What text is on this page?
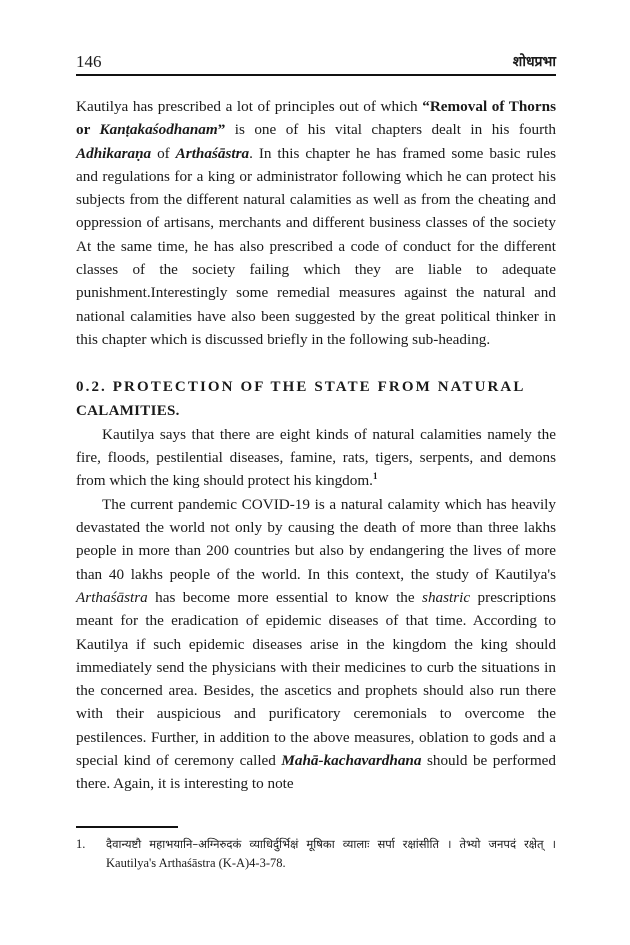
146	शोधप्रभा

Kautilya has prescribed a lot of principles out of which “Removal of Thorns or Kanṭakaśodhanam” is one of his vital chapters dealt in his fourth Adhikaraṇa of Arthaśāstra. In this chapter he has framed some basic rules and regulations for a king or administrator following which he can protect his subjects from the different natural calamities as well as from the cheating and oppression of artisans, merchants and different business classes of the society At the same time, he has also prescribed a code of conduct for the different classes of the society failing which they are liable to adequate punishment.Interestingly some remedial measures against the natural and national calamities have also been suggested by the great political thinker in this chapter which is discussed briefly in the following sub-heading.

0.2. PROTECTION OF THE STATE FROM NATURAL
CALAMITIES.

Kautilya says that there are eight kinds of natural calamities namely the fire, floods, pestilential diseases, famine, rats, tigers, serpents, and demons from which the king should protect his kingdom.$^1$

The current pandemic COVID-19 is a natural calamity which has heavily devastated the world not only by causing the death of more than three lakhs people in more than 200 countries but also by endangering the lives of more than 40 lakhs people of the world. In this context, the study of Kautilya's Arthaśāstra has become more essential to know the shastric prescriptions meant for the eradication of epidemic diseases of that time. According to Kautilya if such epidemic diseases arise in the kingdom the king should immediately send the physicians with their medicines to curb the situations in the concerned area. Besides, the ascetics and prophets should also run there with their auspicious and purificatory ceremonials to overcome the pestilences. Further, in addition to the above measures, oblation to gods and a special kind of ceremony called Mahā-kachavardhana should be performed there. Again, it is interesting to note

1. दैवान्यष्टौ महाभयानि–अग्निरुदकं व्याधिर्दुर्भिक्षं मूषिका व्यालाः सर्पा रक्षांसीति । तेभ्यो जनपदं रक्षेत् । Kautilya's Arthaśāstra (K-A)4-3-78.
